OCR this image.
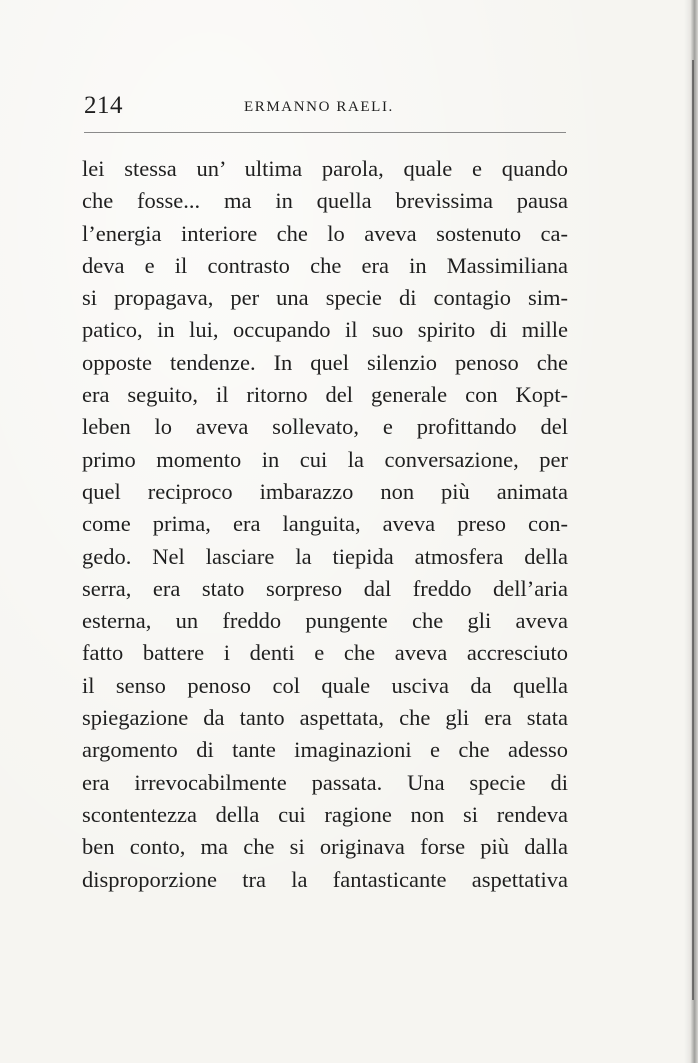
214	ERMANNO RAELI.
lei stessa un’ ultima parola, quale e quando
che fosse... ma in quella brevissima pausa
l’energia interiore che lo aveva sostenuto ca-
deva e il contrasto che era in Massimiliana
si propagava, per una specie di contagio sim-
patico, in lui, occupando il suo spirito di mille
opposte tendenze. In quel silenzio penoso che
era seguito, il ritorno del generale con Kopt-
leben lo aveva sollevato, e profittando del
primo momento in cui la conversazione, per
quel reciproco imbarazzo non più animata
come prima, era languita, aveva preso con-
gedo. Nel lasciare la tiepida atmosfera della
serra, era stato sorpreso dal freddo dell’aria
esterna, un freddo pungente che gli aveva
fatto battere i denti e che aveva accresciuto
il senso penoso col quale usciva da quella
spiegazione da tanto aspettata, che gli era stata
argomento di tante imaginazioni e che adesso
era irrevocabilmente passata. Una specie di
scontentezza della cui ragione non si rendeva
ben conto, ma che si originava forse più dalla
disproporzione tra la fantasticante aspettativa
